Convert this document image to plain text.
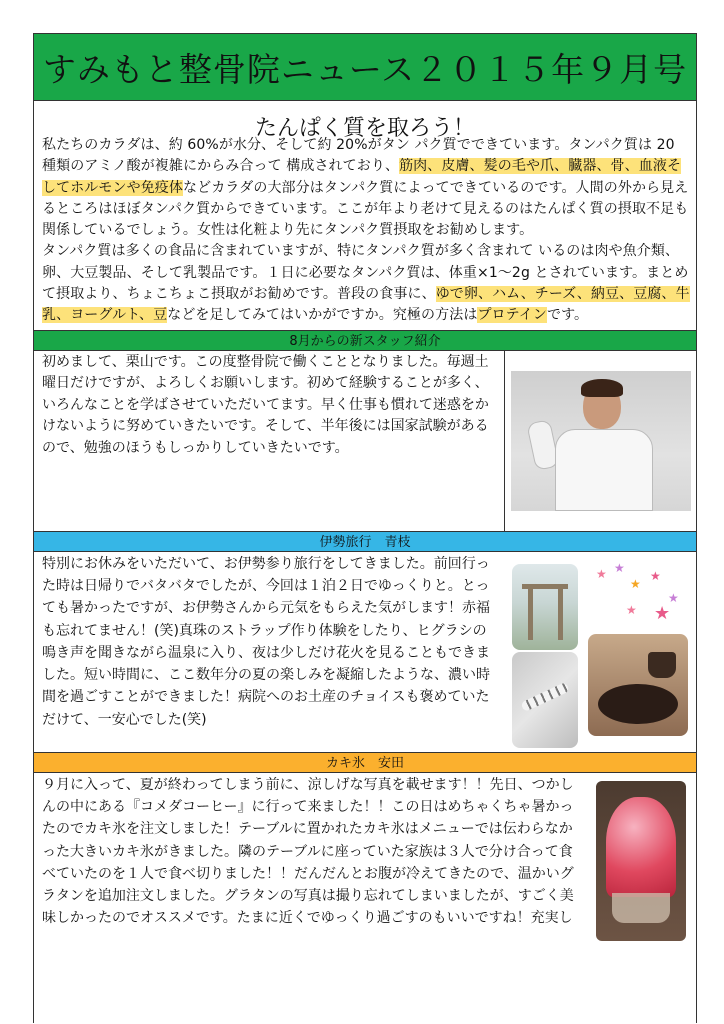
すみもと整骨院ニュース２０１５年９月号
たんぱく質を取ろう！
私たちのカラダは、約 60%が水分、そして約 20%がタン パク質でできています。タンパク質は 20 種類のアミノ酸が複雑にからみ合って 構成されており、筋肉、皮膚、髪の毛や爪、臓器、骨、血液そしてホルモンや免疫体などカラダの大部分はタンパク質によってできているのです。人間の外から見えるところはほぼタンパク質からできています。ここが年より老けて見えるのはたんぱく質の摂取不足も関係しているでしょう。女性は化粧より先にタンパク質摂取をお勧めします。
タンパク質は多くの食品に含まれていますが、特にタンパク質が多く含まれて いるのは肉や魚介類、卵、大豆製品、そして乳製品です。１日に必要なタンパク質は、体重×1～2g とされています。まとめて摂取より、ちょこちょこ摂取がお勧めです。普段の食事に、ゆで卵、ハム、チーズ、納豆、豆腐、牛乳、ヨーグルト、豆などを足してみてはいかがですか。究極の方法はプロテインです。
8月からの新スタッフ紹介
初めまして、栗山です。この度整骨院で働くこととなりました。毎週土曜日だけですが、よろしくお願いします。初めて経験することが多く、いろんなことを学ばさせていただいてます。早く仕事も慣れて迷惑をかけないように努めていきたいです。そして、半年後には国家試験があるので、勉強のほうもしっかりしていきたいです。
伊勢旅行　青枝
特別にお休みをいただいて、お伊勢参り旅行をしてきました。前回行った時は日帰りでバタバタでしたが、今回は１泊２日でゆっくりと。とっても暑かったですが、お伊勢さんから元気をもらえた気がします！赤福も忘れてません！(笑)真珠のストラップ作り体験をしたり、ヒグラシの鳴き声を聞きながら温泉に入り、夜は少しだけ花火を見ることもできました。短い時間に、ここ数年分の夏の楽しみを凝縮したような、濃い時間を過ごすことができました！病院へのお土産のチョイスも褒めていただけて、一安心でした(笑)
★ ★
★
★
★
★
★
カキ氷　安田
９月に入って、夏が終わってしまう前に、涼しげな写真を載せます！！先日、つかしんの中にある『コメダコーヒー』に行って来ました！！この日はめちゃくちゃ暑かったのでカキ氷を注文しました！テーブルに置かれたカキ氷はメニューでは伝わらなかった大きいカキ氷がきました。隣のテーブルに座っていた家族は３人で分け合って食べていたのを１人で食べ切りました！！だんだんとお腹が冷えてきたので、温かいグラタンを追加注文しました。グラタンの写真は撮り忘れてしまいましたが、すごく美味しかったのでオススメです。たまに近くでゆっくり過ごすのもいいですね！充実し
